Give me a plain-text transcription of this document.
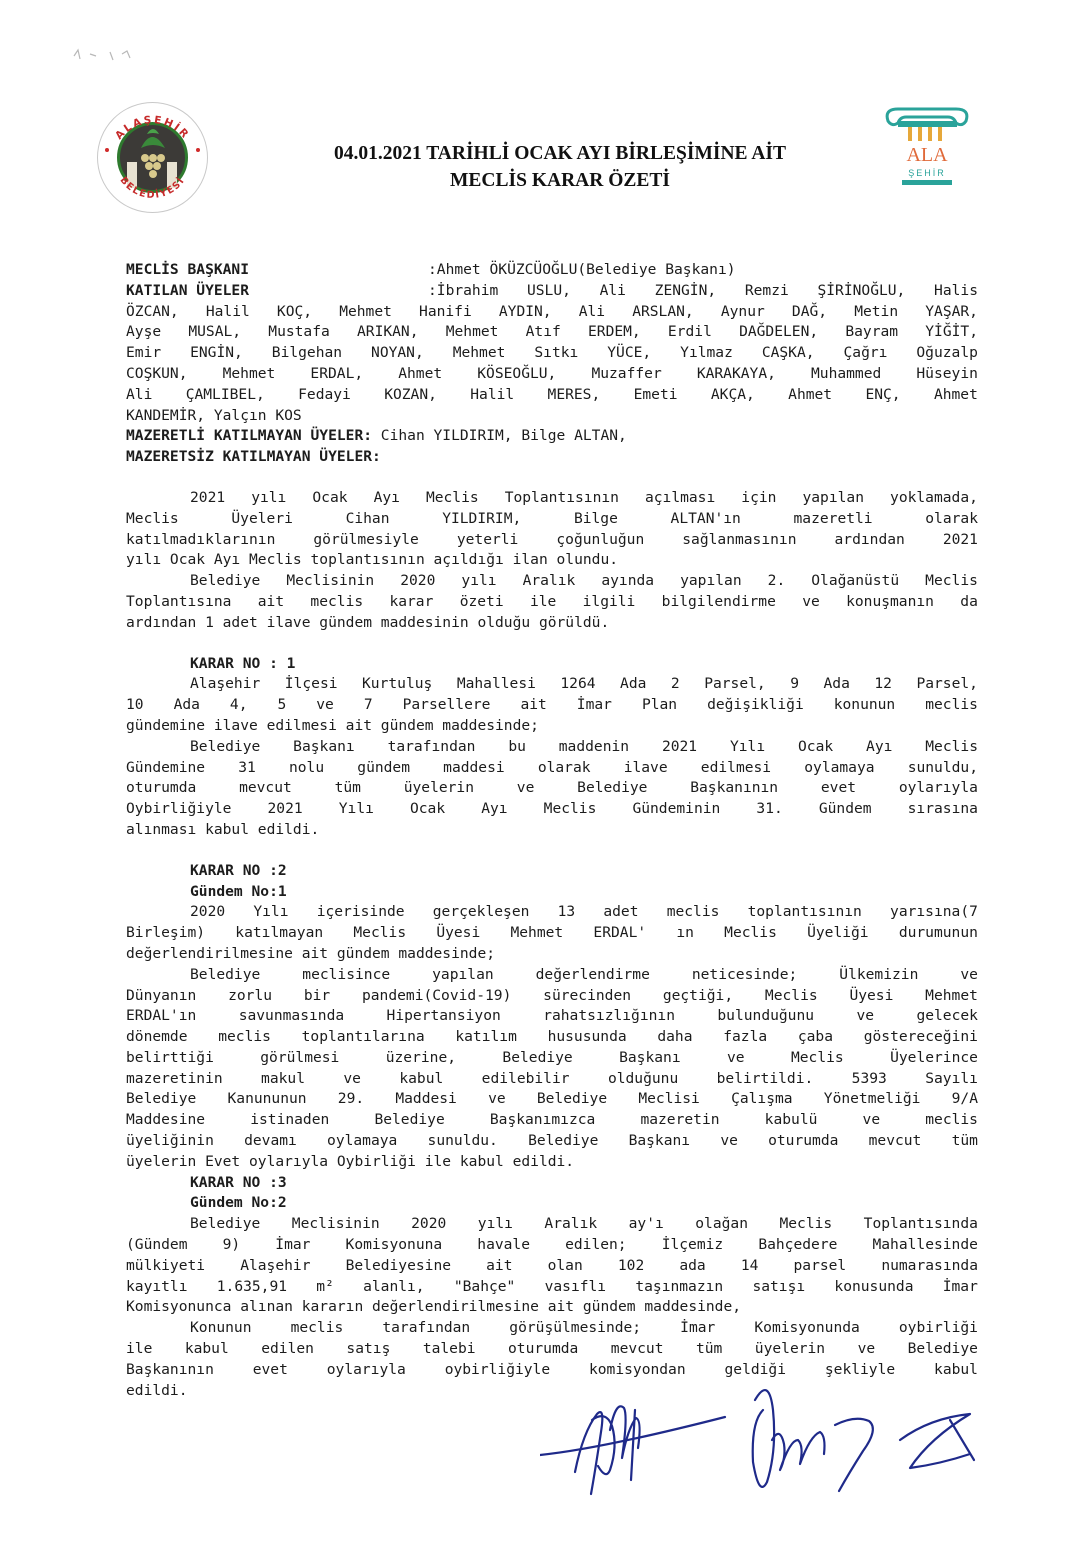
ALAŞEHİR
BELEDİYESİ
ALA
ŞEHİR
ALA ŞEHİR
04.01.2021 TARİHLİ OCAK AYI BİRLEŞİMİNE AİT
MECLİS KARAR ÖZETİ
MECLİS BAŞKANI	:Ahmet ÖKÜZCÜOĞLU(Belediye Başkanı)
KATILAN ÜYELER	:İbrahim USLU, Ali ZENGİN, Remzi ŞİRİNOĞLU, Halis
ÖZCAN, Halil KOÇ, Mehmet Hanifi AYDIN, Ali ARSLAN, Aynur DAĞ, Metin YAŞAR,
Ayşe MUSAL, Mustafa ARIKAN, Mehmet Atıf ERDEM, Erdil DAĞDELEN, Bayram YİĞİT,
Emir ENGİN, Bilgehan NOYAN, Mehmet Sıtkı YÜCE, Yılmaz CAŞKA, Çağrı Oğuzalp
COŞKUN, Mehmet ERDAL, Ahmet KÖSEOĞLU, Muzaffer KARAKAYA, Muhammed Hüseyin
Ali ÇAMLIBEL, Fedayi KOZAN, Halil MERES, Emeti AKÇA, Ahmet ENÇ, Ahmet
KANDEMİR, Yalçın KOS
MAZERETLİ KATILMAYAN ÜYELER: Cihan YILDIRIM, Bilge ALTAN,
MAZERETSİZ KATILMAYAN ÜYELER:
2021 yılı Ocak Ayı Meclis Toplantısının açılması için yapılan yoklamada,
Meclis	Üyeleri	Cihan	YILDIRIM,	Bilge	ALTAN'ın	mazeretli	olarak
katılmadıklarının	görülmesiyle	yeterli	çoğunluğun	sağlanmasının	ardından	2021
yılı Ocak Ayı Meclis toplantısının açıldığı ilan olundu.
Belediye Meclisinin 2020 yılı Aralık ayında yapılan 2. Olağanüstü Meclis
Toplantısına ait meclis karar özeti ile ilgili bilgilendirme ve konuşmanın da
ardından 1 adet ilave gündem maddesinin olduğu görüldü.
KARAR NO : 1
Alaşehir İlçesi Kurtuluş Mahallesi 1264 Ada 2 Parsel, 9 Ada 12 Parsel,
10 Ada 4, 5 ve 7 Parsellere ait İmar Plan değişikliği konunun meclis
gündemine ilave edilmesi ait gündem maddesinde;
Belediye Başkanı tarafından bu maddenin 2021 Yılı Ocak Ayı Meclis
Gündemine 31 nolu gündem maddesi olarak ilave edilmesi oylamaya sunuldu,
oturumda	mevcut	tüm	üyelerin	ve	Belediye	Başkanının	evet	oylarıyla
Oybirliğiyle 2021 Yılı Ocak Ayı Meclis Gündeminin 31. Gündem sırasına
alınması kabul edildi.
KARAR NO :2
Gündem No:1
2020 Yılı içerisinde gerçekleşen 13 adet meclis toplantısının yarısına(7
Birleşim) katılmayan Meclis Üyesi Mehmet ERDAL' ın Meclis Üyeliği durumunun
değerlendirilmesine ait gündem maddesinde;
Belediye	meclisince	yapılan	değerlendirme	neticesinde;	Ülkemizin	ve
Dünyanın zorlu bir pandemi(Covid-19) sürecinden geçtiği, Meclis Üyesi Mehmet
ERDAL'ın	savunmasında	Hipertansiyon	rahatsızlığının	bulunduğunu	ve	gelecek
dönemde meclis toplantılarına katılım hususunda daha fazla çaba göstereceğini
belirttiği	görülmesi	üzerine,	Belediye	Başkanı	ve	Meclis	Üyelerince
mazeretinin	makul	ve	kabul	edilebilir	olduğunu	belirtildi.	5393	Sayılı
Belediye Kanununun 29. Maddesi ve Belediye Meclisi Çalışma Yönetmeliği 9/A
Maddesine	istinaden	Belediye	Başkanımızca	mazeretin	kabulü	ve	meclis
üyeliğinin devamı oylamaya sunuldu. Belediye Başkanı ve oturumda mevcut tüm
üyelerin Evet oylarıyla Oybirliği ile kabul edildi.
KARAR NO :3
Gündem No:2
Belediye Meclisinin 2020 yılı Aralık ay'ı olağan Meclis Toplantısında
(Gündem 9) İmar Komisyonuna havale edilen; İlçemiz Bahçedere Mahallesinde
mülkiyeti Alaşehir Belediyesine ait olan 102 ada 14 parsel numarasında
kayıtlı 1.635,91 m² alanlı, "Bahçe" vasıflı taşınmazın satışı konusunda İmar
Komisyonunca alınan kararın değerlendirilmesine ait gündem maddesinde,
Konunun	meclis	tarafından	görüşülmesinde;	İmar	Komisyonunda	oybirliği
ile kabul edilen satış talebi oturumda mevcut tüm üyelerin ve Belediye
Başkanının	evet	oylarıyla	oybirliğiyle	komisyondan	geldiği	şekliyle	kabul
edildi.
